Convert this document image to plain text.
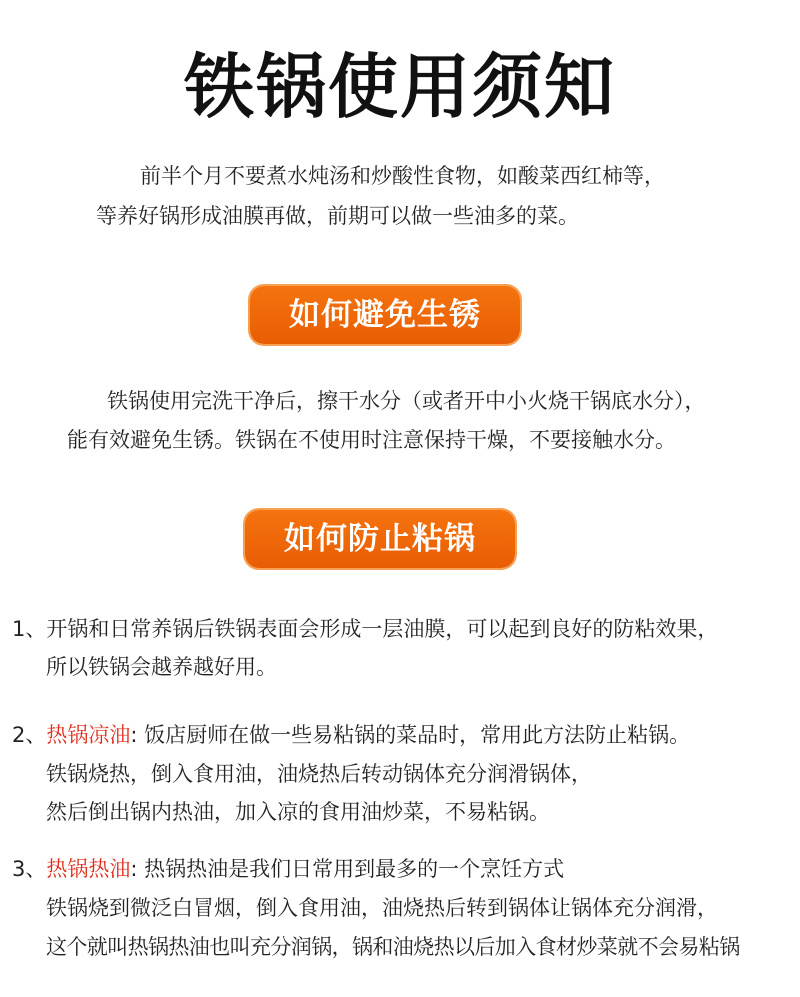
铁锅使用须知
前半个月不要煮水炖汤和炒酸性食物，如酸菜西红柿等，
等养好锅形成油膜再做，前期可以做一些油多的菜。
如何避免生锈
铁锅使用完洗干净后，擦干水分（或者开中小火烧干锅底水分），
能有效避免生锈。铁锅在不使用时注意保持干燥，不要接触水分。
如何防止粘锅
1、开锅和日常养锅后铁锅表面会形成一层油膜，可以起到良好的防粘效果，
所以铁锅会越养越好用。
2、热锅凉油: 饭店厨师在做一些易粘锅的菜品时，常用此方法防止粘锅。
铁锅烧热，倒入食用油，油烧热后转动锅体充分润滑锅体，
然后倒出锅内热油，加入凉的食用油炒菜，不易粘锅。
3、热锅热油: 热锅热油是我们日常用到最多的一个烹饪方式
铁锅烧到微泛白冒烟，倒入食用油，油烧热后转到锅体让锅体充分润滑，
这个就叫热锅热油也叫充分润锅，锅和油烧热以后加入食材炒菜就不会易粘锅
